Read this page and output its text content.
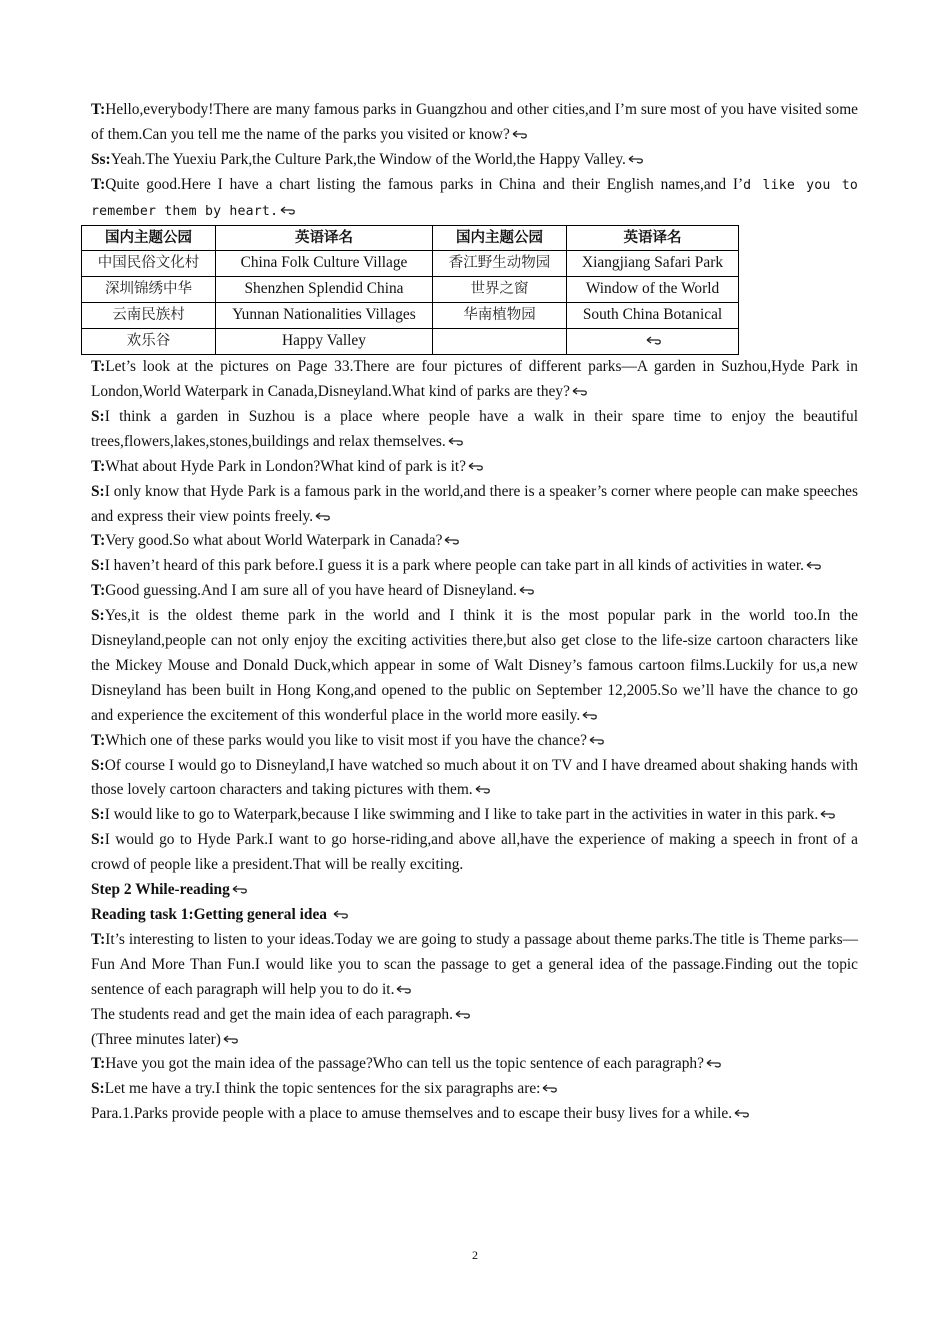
T:Hello,everybody!There are many famous parks in Guangzhou and other cities,and I’m sure most of you have visited some of them.Can you tell me the name of the parks you visited or know?

Ss:Yeah.The Yuexiu Park,the Culture Park,the Window of the World,the Happy Valley.

T:Quite good.Here I have a chart listing the famous parks in China and their English names,and I’d like you to remember them by heart.

国内主题公园	英语译名	国内主题公园	英语译名
中国民俗文化村	China Folk Culture Village	香江野生动物园	Xiangjiang Safari Park
深圳锦绣中华	Shenzhen Splendid China	世界之窗	Window of the World
云南民族村	Yunnan Nationalities Villages	华南植物园	South China Botanical
欢乐谷	Happy Valley		

T:Let’s look at the pictures on Page 33.There are four pictures of different parks—A garden in Suzhou,Hyde Park in London,World Waterpark in Canada,Disneyland.What kind of parks are they?

S:I think a garden in Suzhou is a place where people have a walk in their spare time to enjoy the beautiful trees,flowers,lakes,stones,buildings and relax themselves.

T:What about Hyde Park in London?What kind of park is it?

S:I only know that Hyde Park is a famous park in the world,and there is a speaker’s corner where people can make speeches and express their view points freely.

T:Very good.So what about World Waterpark in Canada?

S:I haven’t heard of this park before.I guess it is a park where people can take part in all kinds of activities in water.

T:Good guessing.And I am sure all of you have heard of Disneyland.

S:Yes,it is the oldest theme park in the world and I think it is the most popular park in the world too.In the Disneyland,people can not only enjoy the exciting activities there,but also get close to the life-size cartoon characters like the Mickey Mouse and Donald Duck,which appear in some of Walt Disney’s famous cartoon films.Luckily for us,a new Disneyland has been built in Hong Kong,and opened to the public on September 12,2005.So we’ll have the chance to go and experience the excitement of this wonderful place in the world more easily.

T:Which one of these parks would you like to visit most if you have the chance?

S:Of course I would go to Disneyland,I have watched so much about it on TV and I have dreamed about shaking hands with those lovely cartoon characters and taking pictures with them.

S:I would like to go to Waterpark,because I like swimming and I like to take part in the activities in water in this park.

S:I would go to Hyde Park.I want to go horse-riding,and above all,have the experience of making a speech in front of a crowd of people like a president.That will be really exciting.

Step 2 While-reading

Reading task 1:Getting general idea

T:It’s interesting to listen to your ideas.Today we are going to study a passage about theme parks.The title is Theme parks—Fun And More Than Fun.I would like you to scan the passage to get a general idea of the passage.Finding out the topic sentence of each paragraph will help you to do it.

The students read and get the main idea of each paragraph.

(Three minutes later)

T:Have you got the main idea of the passage?Who can tell us the topic sentence of each paragraph?

S:Let me have a try.I think the topic sentences for the six paragraphs are:

Para.1.Parks provide people with a place to amuse themselves and to escape their busy lives for a while.

2
